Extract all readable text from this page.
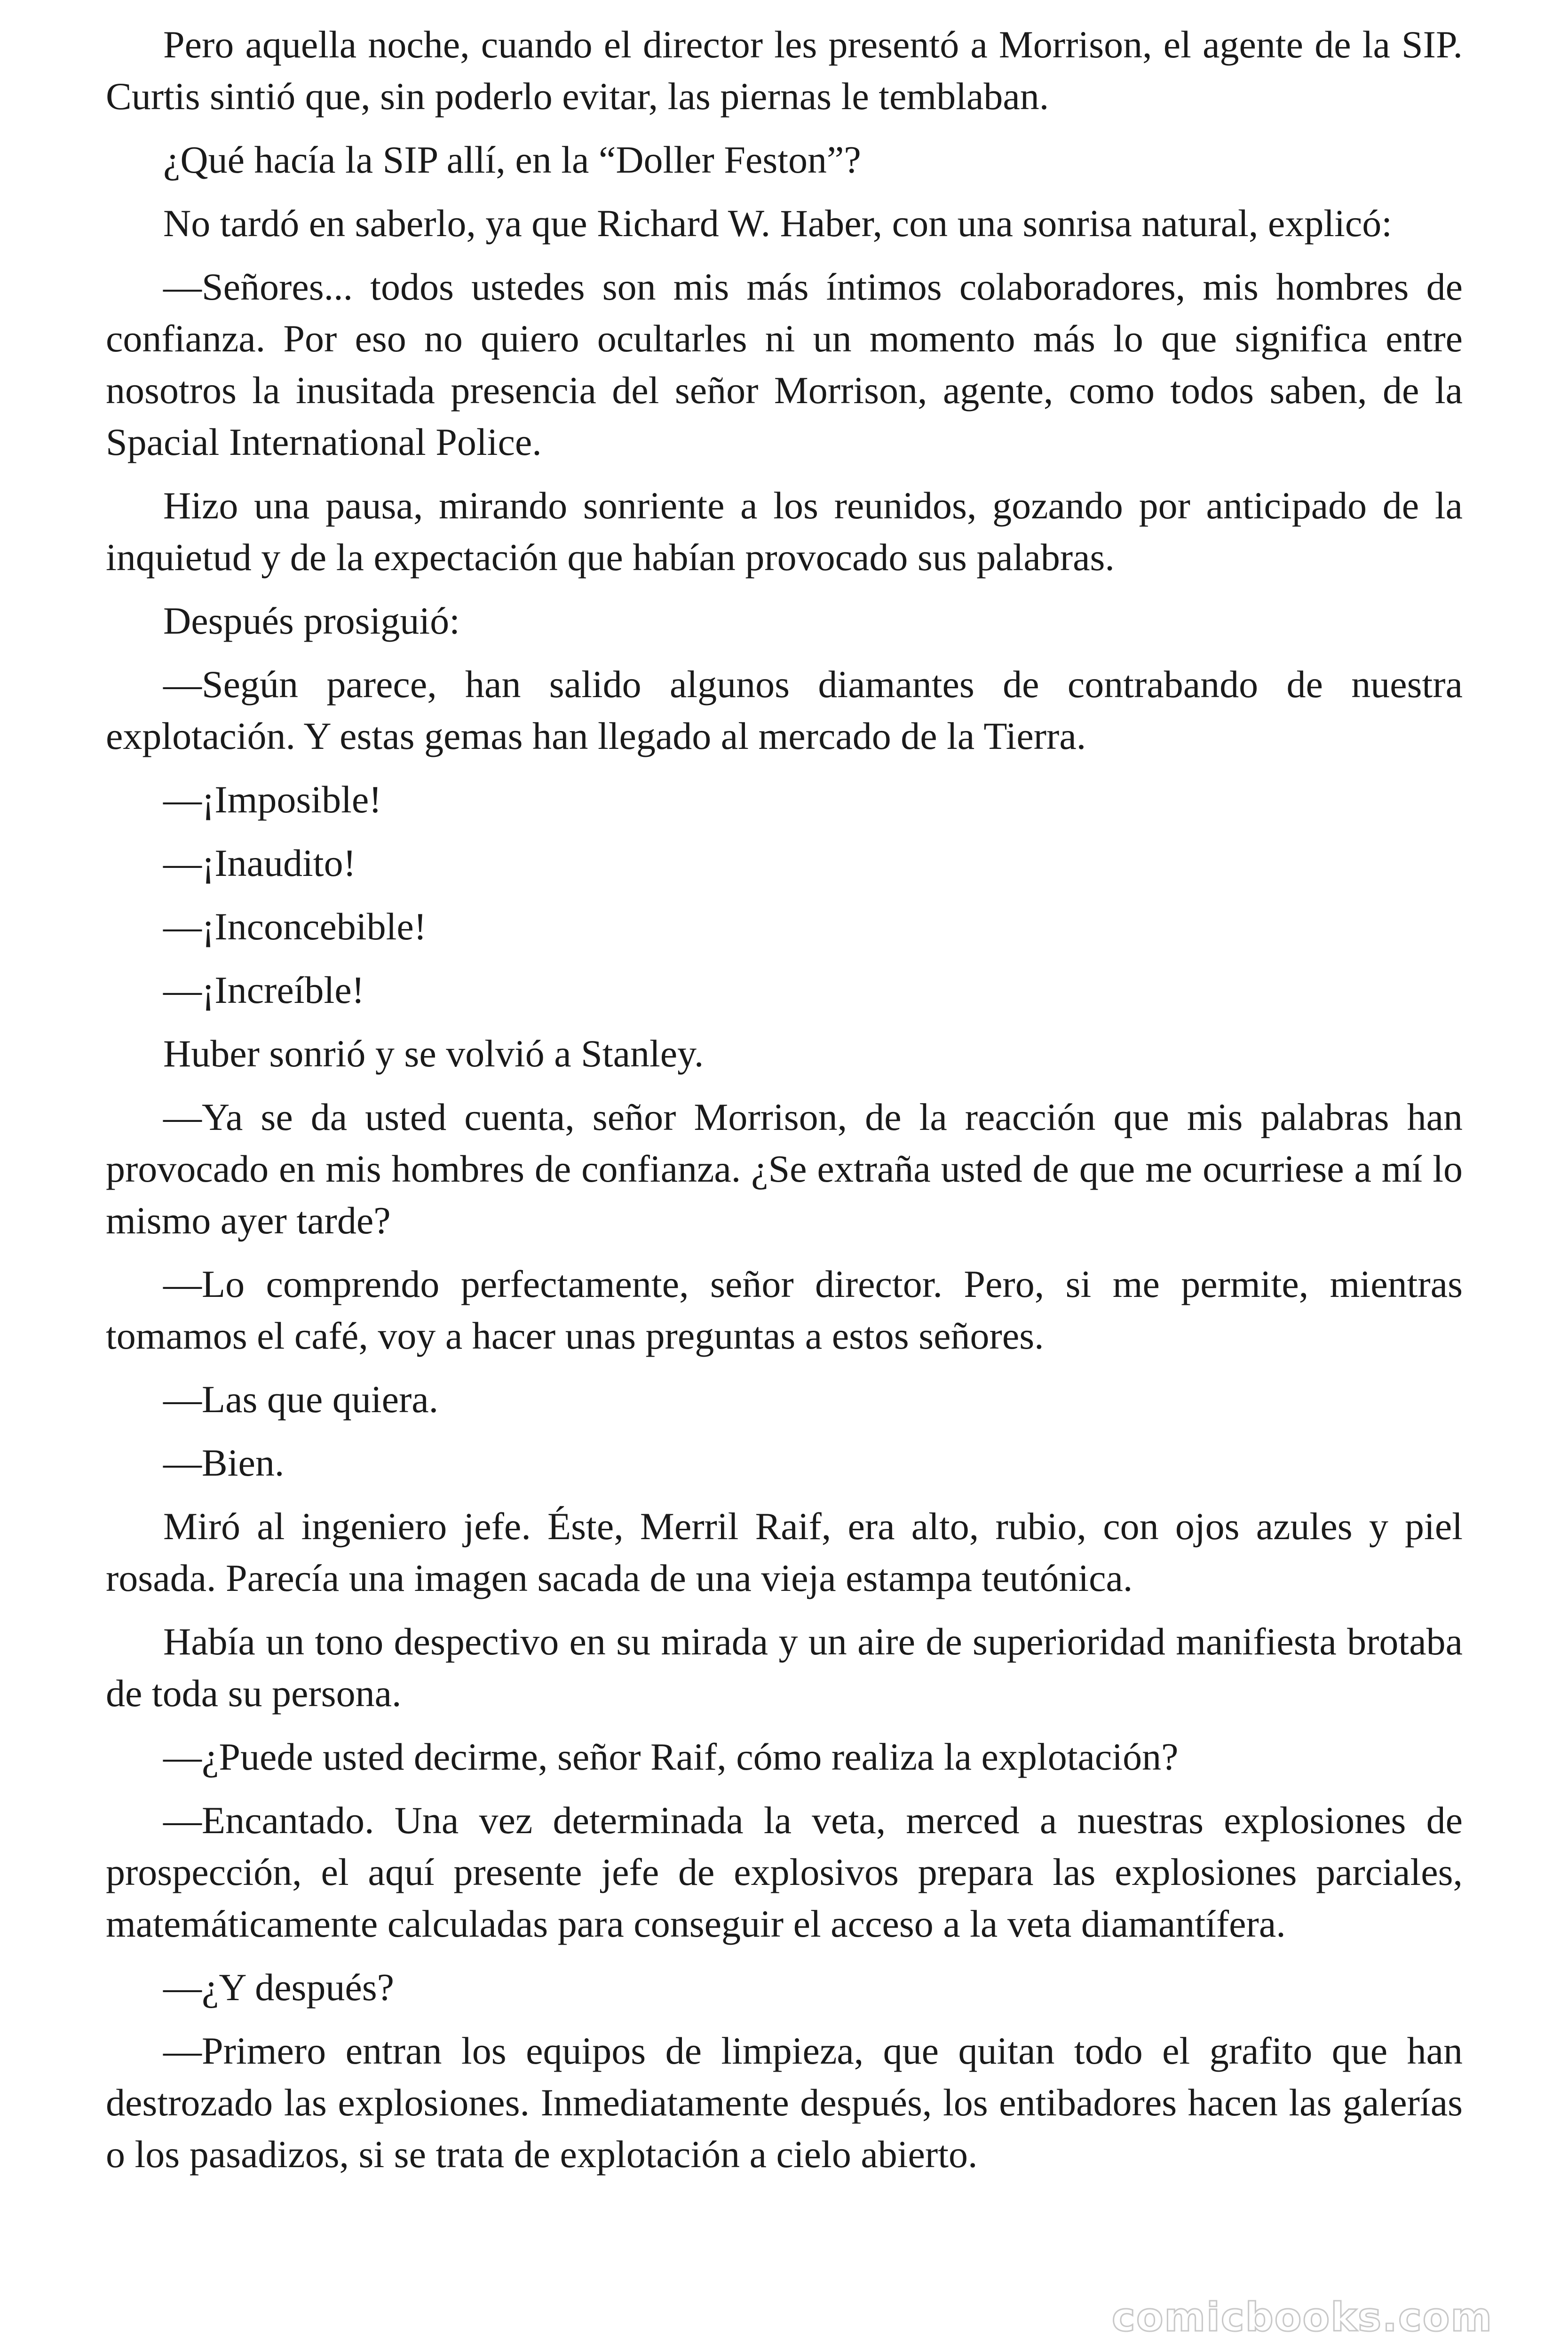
Pero aquella noche, cuando el director les presentó a Morrison, el agente de la SIP. Curtis sintió que, sin poderlo evitar, las piernas le temblaban.

¿Qué hacía la SIP allí, en la “Doller Feston”?

No tardó en saberlo, ya que Richard W. Haber, con una sonrisa natural, explicó:

—Señores... todos ustedes son mis más íntimos colaboradores, mis hombres de confianza. Por eso no quiero ocultarles ni un momento más lo que significa entre nosotros la inusitada presencia del señor Morrison, agente, como todos saben, de la Spacial International Police.

Hizo una pausa, mirando sonriente a los reunidos, gozando por anticipado de la inquietud y de la expectación que habían provocado sus palabras.

Después prosiguió:

—Según parece, han salido algunos diamantes de contrabando de nuestra explotación. Y estas gemas han llegado al mercado de la Tierra.

—¡Imposible!

—¡Inaudito!

—¡Inconcebible!

—¡Increíble!

Huber sonrió y se volvió a Stanley.

—Ya se da usted cuenta, señor Morrison, de la reacción que mis palabras han provocado en mis hombres de confianza. ¿Se extraña usted de que me ocurriese a mí lo mismo ayer tarde?

—Lo comprendo perfectamente, señor director. Pero, si me permite, mientras tomamos el café, voy a hacer unas preguntas a estos señores.

—Las que quiera.

—Bien.

Miró al ingeniero jefe. Éste, Merril Raif, era alto, rubio, con ojos azules y piel rosada. Parecía una imagen sacada de una vieja estampa teutónica.

Había un tono despectivo en su mirada y un aire de superioridad manifiesta brotaba de toda su persona.

—¿Puede usted decirme, señor Raif, cómo realiza la explotación?

—Encantado. Una vez determinada la veta, merced a nuestras explosiones de prospección, el aquí presente jefe de explosivos prepara las explosiones parciales, matemáticamente calculadas para conseguir el acceso a la veta diamantífera.

—¿Y después?

—Primero entran los equipos de limpieza, que quitan todo el grafito que han destrozado las explosiones. Inmediatamente después, los entibadores hacen las galerías o los pasadizos, si se trata de explotación a cielo abierto.

comicbooks.com
